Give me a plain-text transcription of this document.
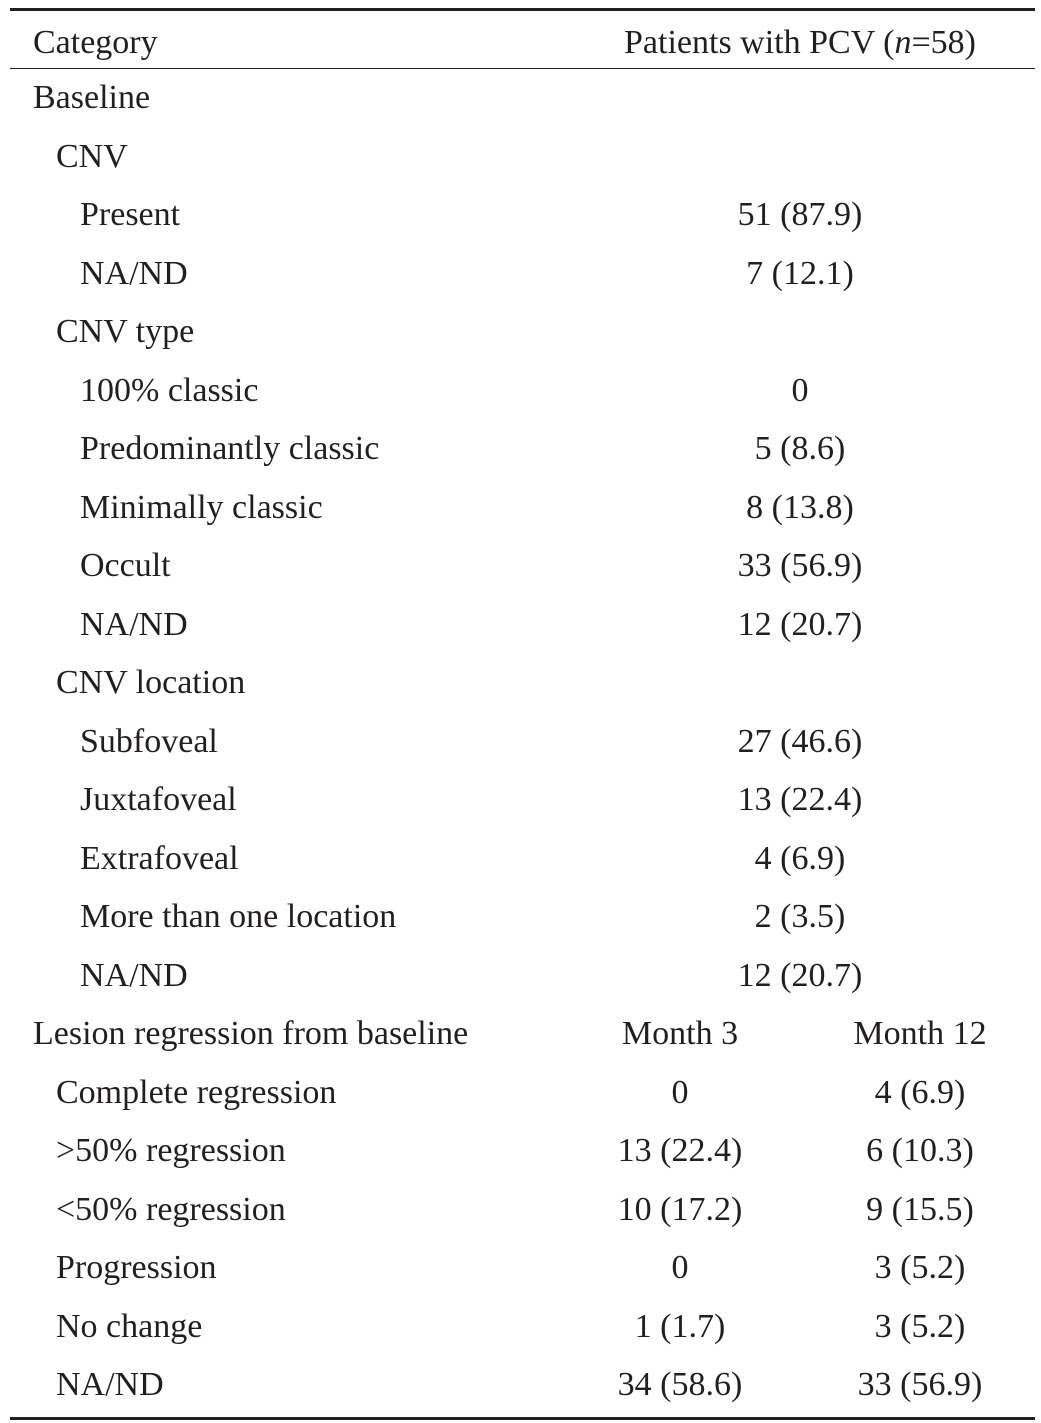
Category	Patients with PCV (n=58)
Baseline
CNV
Present	51 (87.9)
NA/ND	7 (12.1)
CNV type
100% classic	0
Predominantly classic	5 (8.6)
Minimally classic	8 (13.8)
Occult	33 (56.9)
NA/ND	12 (20.7)
CNV location
Subfoveal	27 (46.6)
Juxtafoveal	13 (22.4)
Extrafoveal	4 (6.9)
More than one location	2 (3.5)
NA/ND	12 (20.7)
Lesion regression from baseline	Month 3	Month 12
Complete regression	0	4 (6.9)
>50% regression	13 (22.4)	6 (10.3)
<50% regression	10 (17.2)	9 (15.5)
Progression	0	3 (5.2)
No change	1 (1.7)	3 (5.2)
NA/ND	34 (58.6)	33 (56.9)
